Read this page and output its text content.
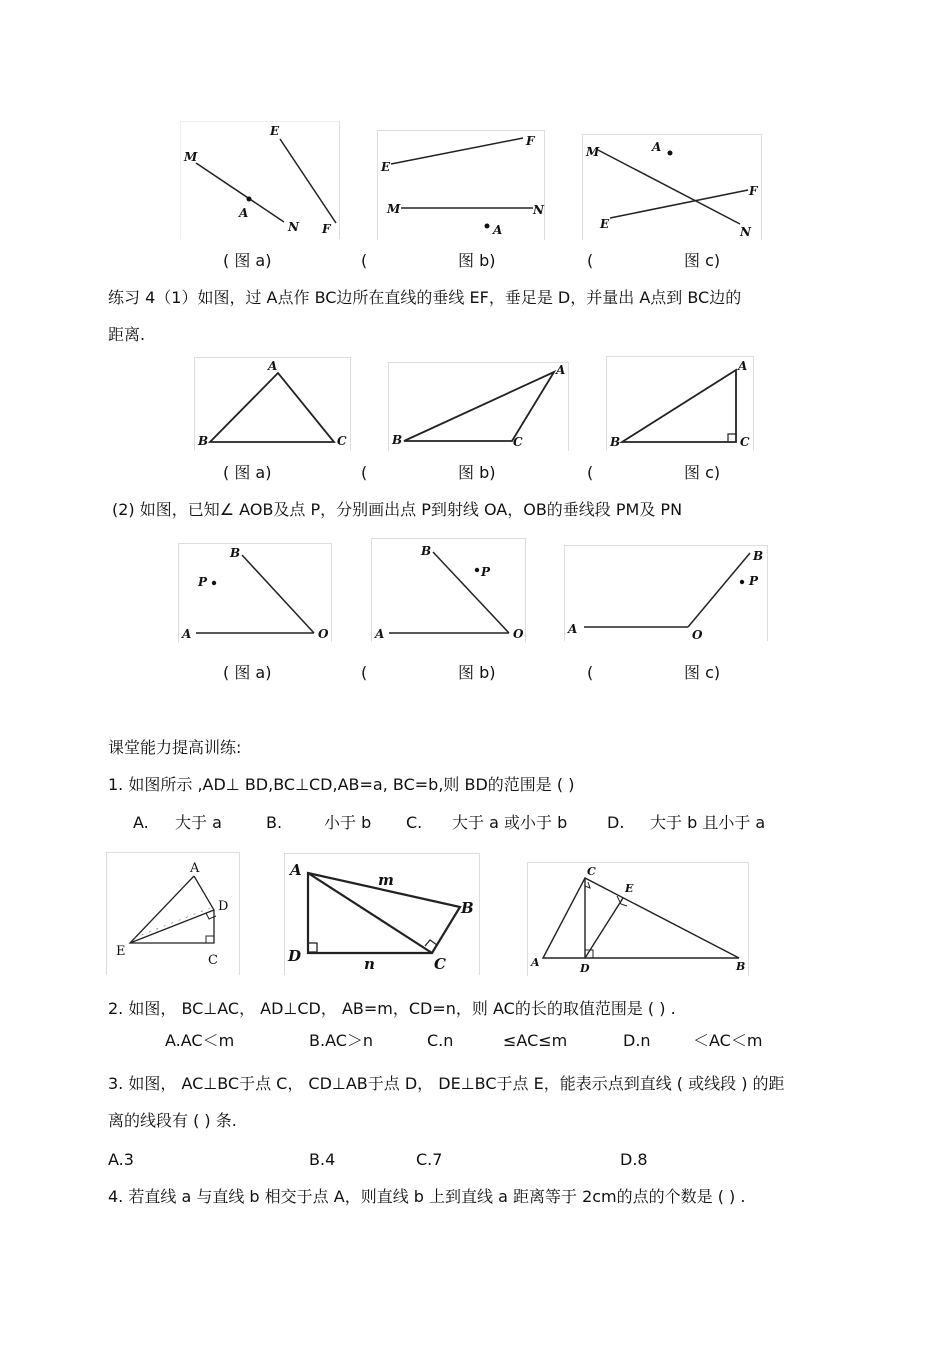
M
E
A
N F
E
F
M	N
A
M	A
F
E
N
( 图 a)	(	图 b)	(	图 c)
练习 4（1）如图，过 A点作 BC边所在直线的垂线 EF，垂足是 D，并量出 A点到 BC边的
距离.
A
B	C
A
B	C
A
B	C
( 图 a)	(	图 b)	(	图 c)
(2) 如图，已知∠ AOB及点 P，分别画出点 P到射线 OA，OB的垂线段 PM及 PN
A
B
O
P
A
B
O
P
A
B
O
P
( 图 a)	(	图 b)	(	图 c)
课堂能力提高训练:
1. 如图所示 ,AD⊥ BD,BC⊥CD,AB=a, BC=b,则 BD的范围是 ( )
A. 大于 a	B.	小于 b C. 大于 a 或小于 b D. 大于 b 且小于 a
A
D
E
C
A
D	C
B
m
n	A
C
E
D	B
2. 如图， BC⊥AC， AD⊥CD， AB=m，CD=n，则 AC的长的取值范围是 ( ) .
A.AC＜m	B.AC＞n	C.n	≤AC≤m	D.n	＜AC＜m
3. 如图， AC⊥BC于点 C， CD⊥AB于点 D， DE⊥BC于点 E，能表示点到直线 ( 或线段 ) 的距
离的线段有 ( ) 条.
A.3	B.4	C.7	D.8
4. 若直线 a 与直线 b 相交于点 A，则直线 b 上到直线 a 距离等于 2cm的点的个数是 ( ) .
